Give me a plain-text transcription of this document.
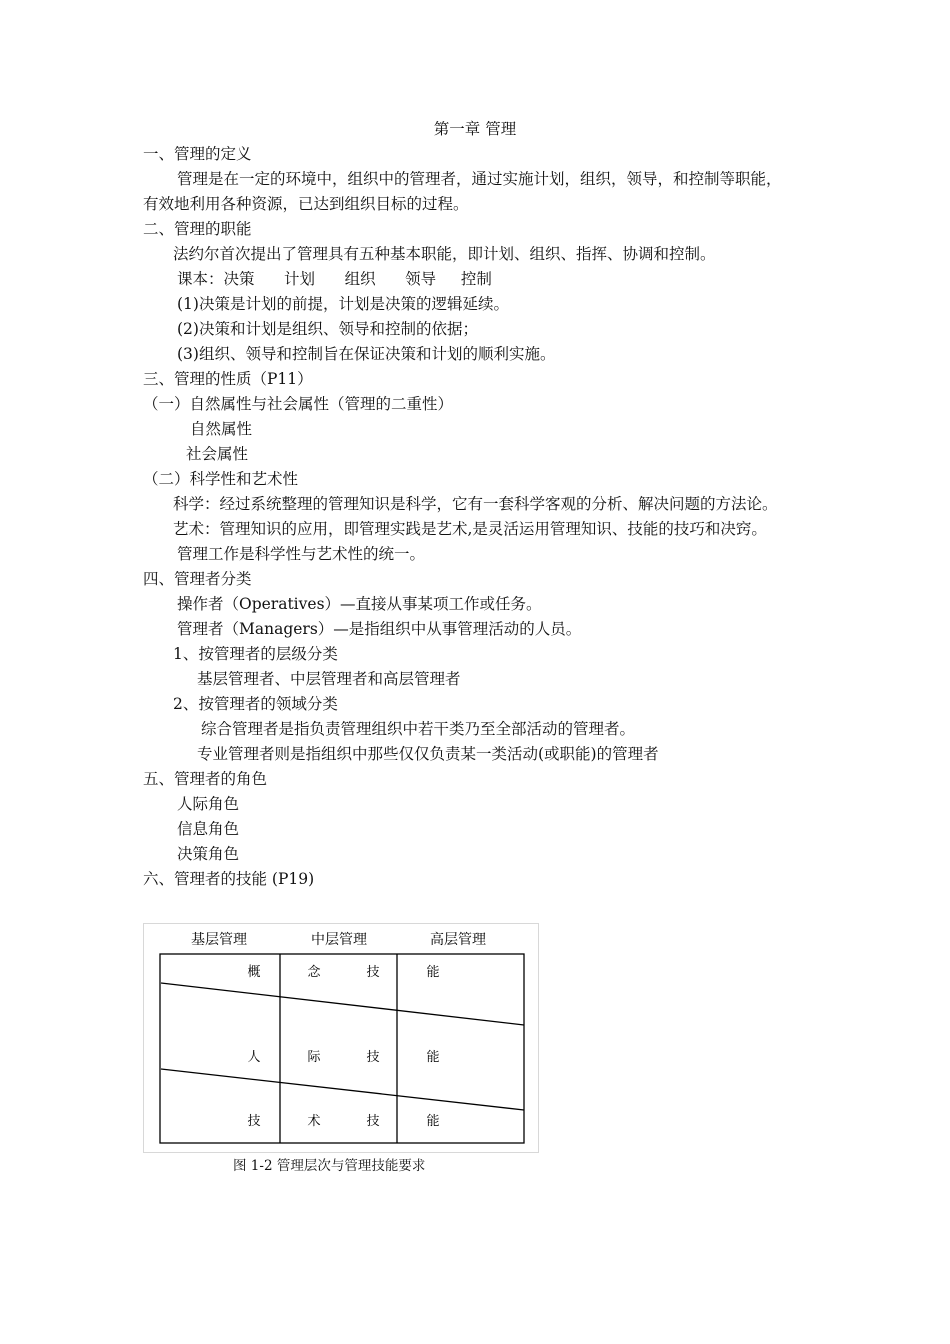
第一章 管理
一、管理的定义
管理是在一定的环境中，组织中的管理者，通过实施计划，组织，领导，和控制等职能，
有效地利用各种资源，已达到组织目标的过程。
二、管理的职能
法约尔首次提出了管理具有五种基本职能，即计划、组织、指挥、协调和控制。
课本：决策      计划      组织      领导     控制
(1)决策是计划的前提，计划是决策的逻辑延续。
(2)决策和计划是组织、领导和控制的依据；
(3)组织、领导和控制旨在保证决策和计划的顺利实施。
三、管理的性质（P11）
（一）自然属性与社会属性（管理的二重性）
自然属性
社会属性
（二）科学性和艺术性
科学：经过系统整理的管理知识是科学，它有一套科学客观的分析、解决问题的方法论。
艺术：管理知识的应用，即管理实践是艺术,是灵活运用管理知识、技能的技巧和决窍。
管理工作是科学性与艺术性的统一。
四、管理者分类
操作者（Operatives）—直接从事某项工作或任务。
管理者（Managers）—是指组织中从事管理活动的人员。
1、按管理者的层级分类
基层管理者、中层管理者和高层管理者
2、按管理者的领域分类
综合管理者是指负责管理组织中若干类乃至全部活动的管理者。
专业管理者则是指组织中那些仅仅负责某一类活动(或职能)的管理者
五、管理者的角色
人际角色
信息角色
决策角色
六、管理者的技能 (P19)
基层管理	中层管理	高层管理
概	念	技	能
人	际	技	能
技	术	技	能
图 1-2 管理层次与管理技能要求
